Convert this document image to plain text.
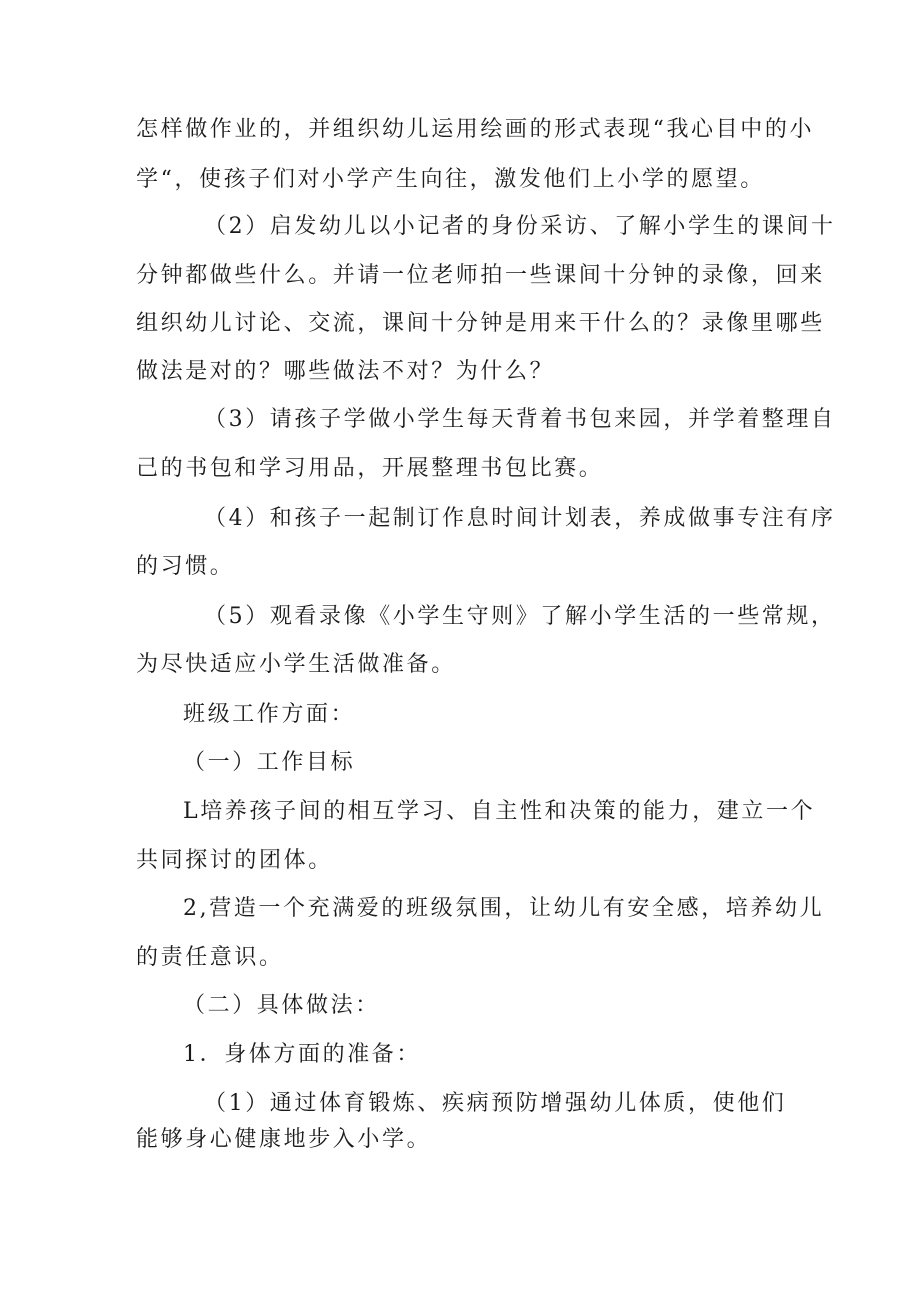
怎样做作业的，并组织幼儿运用绘画的形式表现“我心目中的小
学“，使孩子们对小学产生向往，激发他们上小学的愿望。
（2）启发幼儿以小记者的身份采访、了解小学生的课间十
分钟都做些什么。并请一位老师拍一些课间十分钟的录像，回来
组织幼儿讨论、交流，课间十分钟是用来干什么的？录像里哪些
做法是对的？哪些做法不对？为什么？
（3）请孩子学做小学生每天背着书包来园，并学着整理自
己的书包和学习用品，开展整理书包比赛。
（4）和孩子一起制订作息时间计划表，养成做事专注有序
的习惯。
（5）观看录像《小学生守则》了解小学生活的一些常规，
为尽快适应小学生活做准备。
班级工作方面：
（一）工作目标
L培养孩子间的相互学习、自主性和决策的能力，建立一个
共同探讨的团体。
2,营造一个充满爱的班级氛围，让幼儿有安全感，培养幼儿
的责任意识。
（二）具体做法：
1．身体方面的准备：
（1）通过体育锻炼、疾病预防增强幼儿体质，使他们
能够身心健康地步入小学。
